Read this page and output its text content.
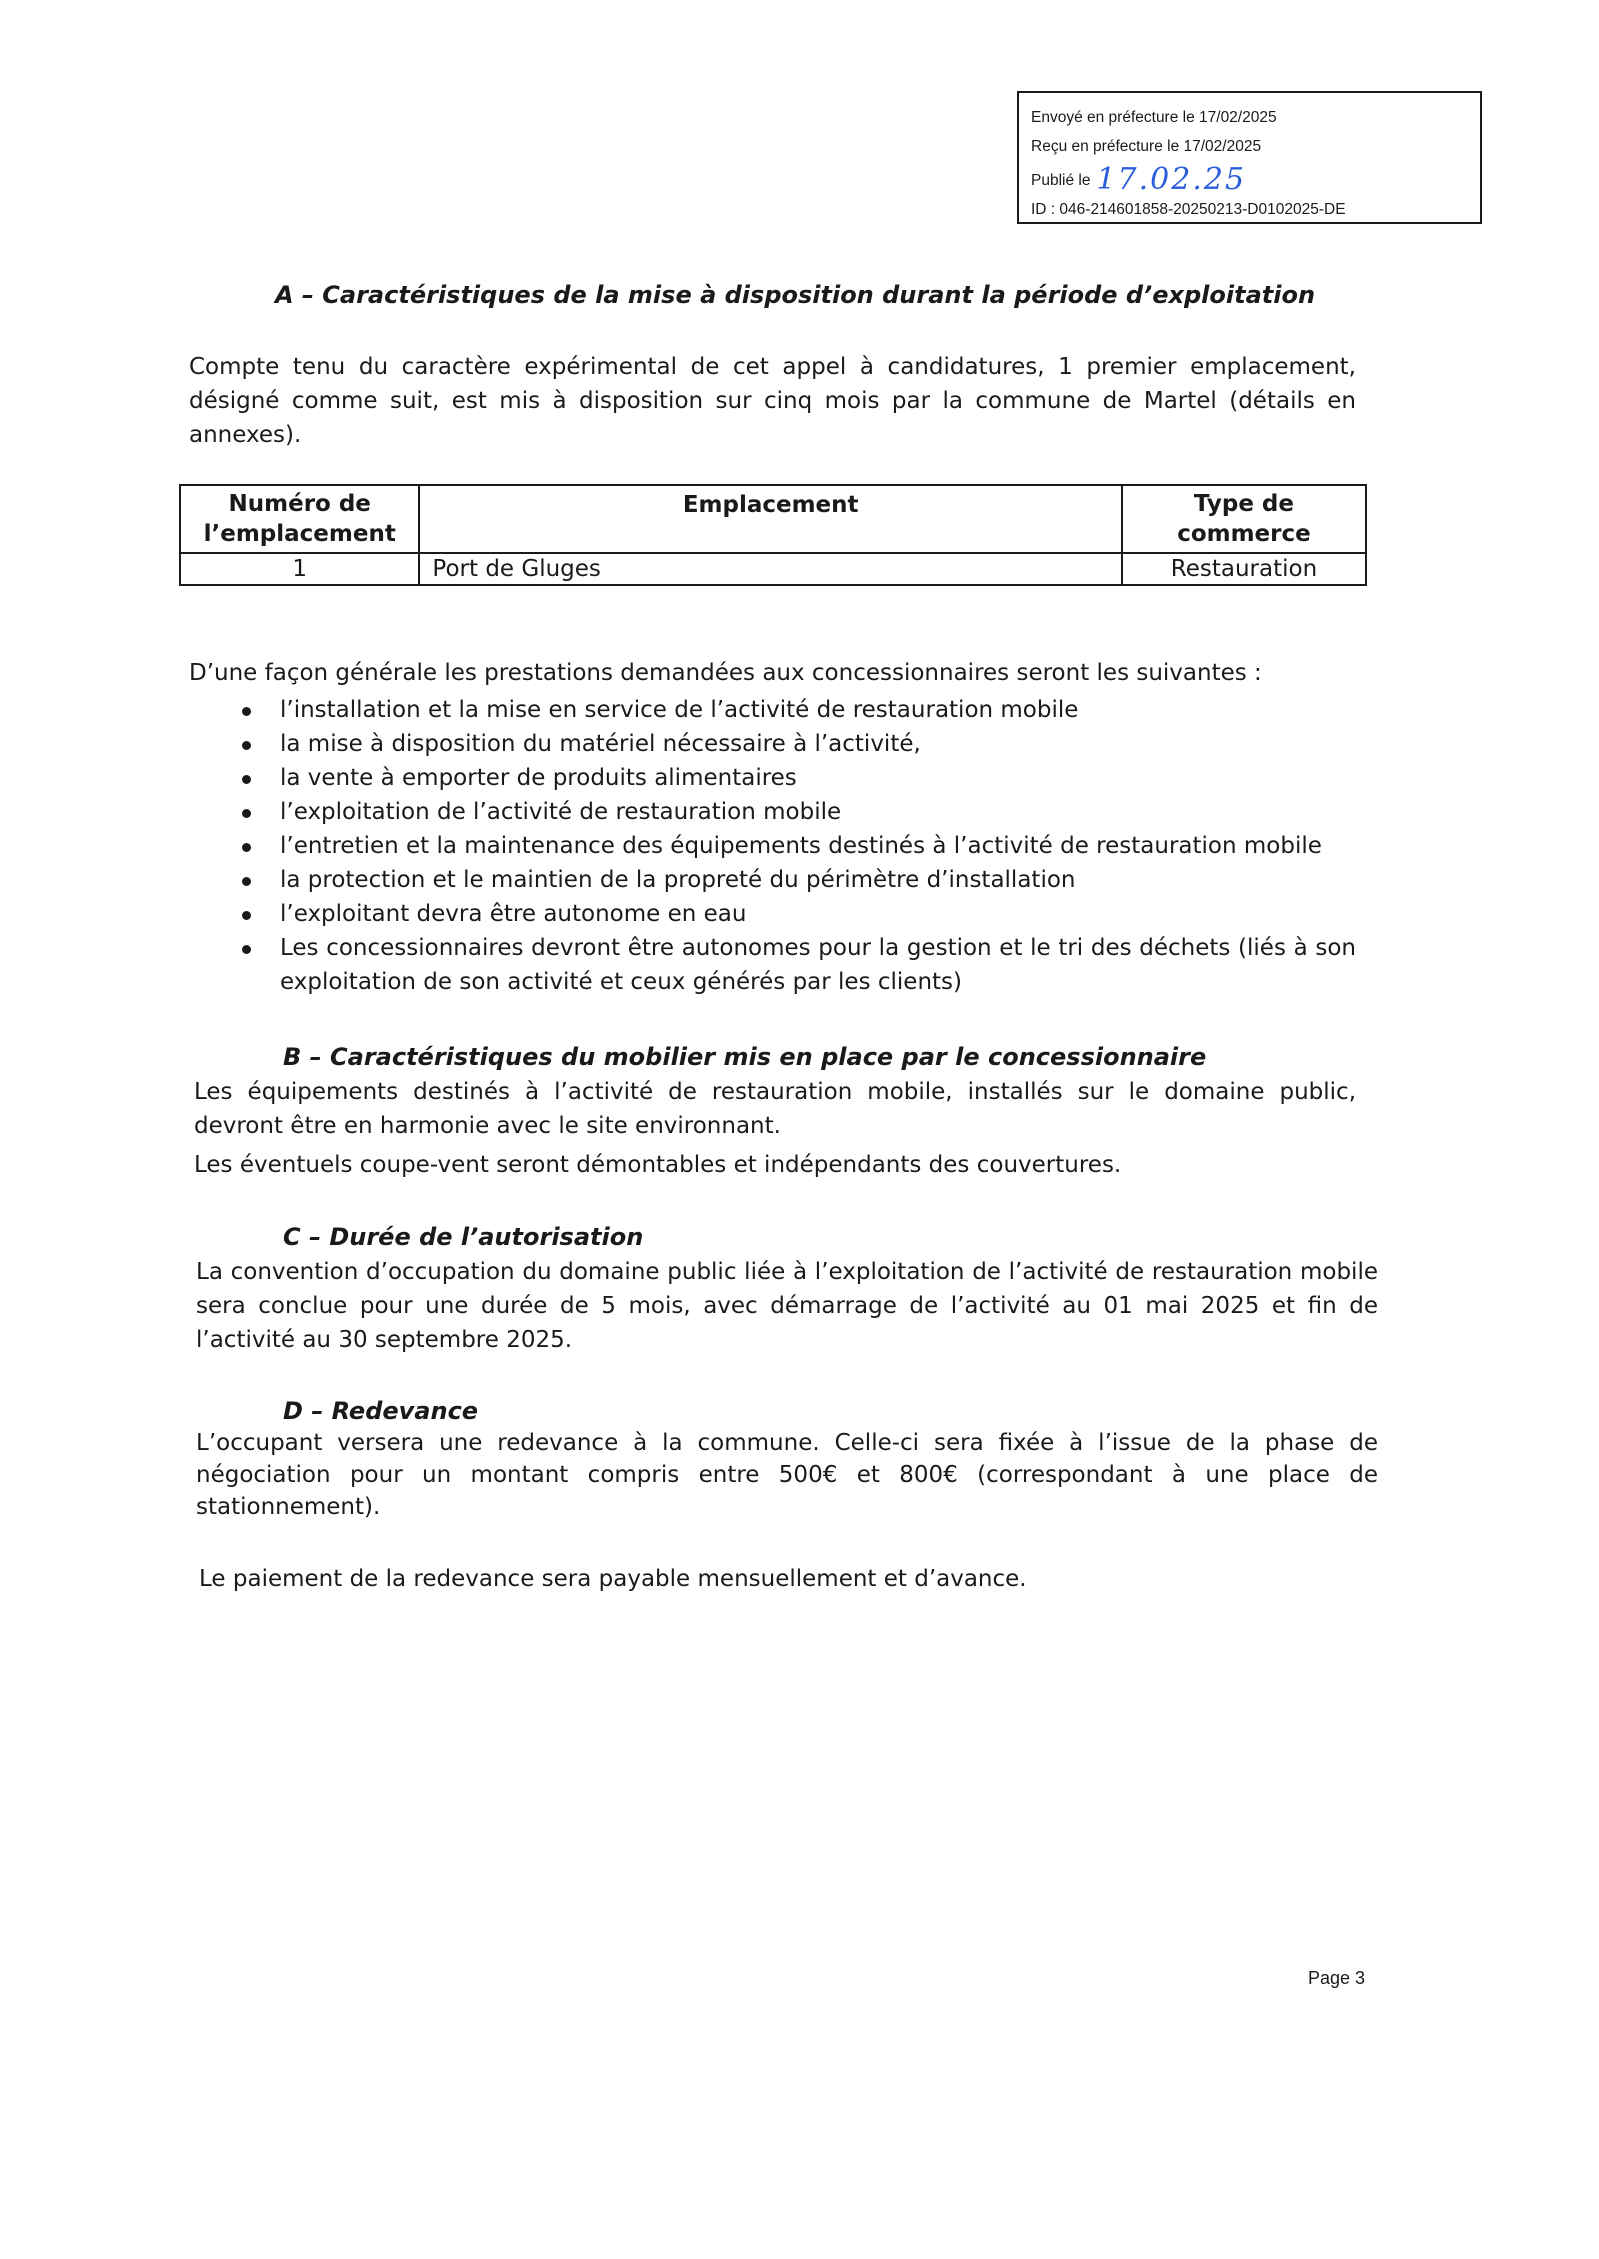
Envoyé en préfecture le 17/02/2025
Reçu en préfecture le 17/02/2025
Publié le 17.02.25
ID : 046-214601858-20250213-D0102025-DE
A – Caractéristiques de la mise à disposition durant la période d’exploitation
Compte tenu du caractère expérimental de cet appel à candidatures, 1 premier emplacement, désigné comme suit, est mis à disposition sur cinq mois par la commune de Martel (détails en annexes).
Numéro de l’emplacement	Emplacement	Type de commerce
1	Port de Gluges	Restauration
D’une façon générale les prestations demandées aux concessionnaires seront les suivantes :
l’installation et la mise en service de l’activité de restauration mobile
la mise à disposition du matériel nécessaire à l’activité,
la vente à emporter de produits alimentaires
l’exploitation de l’activité de restauration mobile
l’entretien et la maintenance des équipements destinés à l’activité de restauration mobile
la protection et le maintien de la propreté du périmètre d’installation
l’exploitant devra être autonome en eau
Les concessionnaires devront être autonomes pour la gestion et le tri des déchets (liés à son exploitation de son activité et ceux générés par les clients)
B – Caractéristiques du mobilier mis en place par le concessionnaire
Les équipements destinés à l’activité de restauration mobile, installés sur le domaine public, devront être en harmonie avec le site environnant.
Les éventuels coupe-vent seront démontables et indépendants des couvertures.
C – Durée de l’autorisation
La convention d’occupation du domaine public liée à l’exploitation de l’activité de restauration mobile sera conclue pour une durée de 5 mois, avec démarrage de l’activité au 01 mai 2025 et fin de l’activité au 30 septembre 2025.
D – Redevance
L’occupant versera une redevance à la commune. Celle-ci sera fixée à l’issue de la phase de négociation pour un montant compris entre 500€ et 800€ (correspondant à une place de stationnement).
Le paiement de la redevance sera payable mensuellement et d’avance.
Page 3
